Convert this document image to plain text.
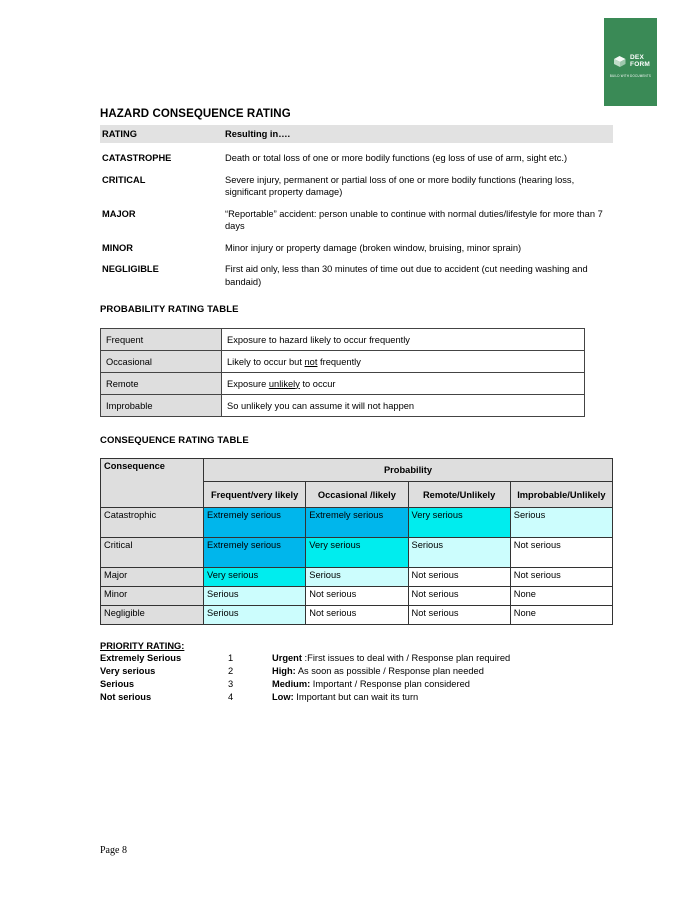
DEX
FORM
BUILD WITH DOCUMENTS
HAZARD CONSEQUENCE RATING
RATING	Resulting in….
CATASTROPHE	Death or total loss of one or more bodily functions (eg loss of use of arm, sight etc.)
CRITICAL	Severe injury, permanent or partial loss of one or more bodily functions (hearing loss, significant property damage)
MAJOR	“Reportable” accident: person unable to continue with normal duties/lifestyle for more than 7 days
MINOR	Minor injury or property damage (broken window, bruising, minor sprain)
NEGLIGIBLE	First aid only, less than 30 minutes of time out due to accident (cut needing washing and bandaid)
PROBABILITY RATING TABLE
Frequent	Exposure to hazard likely to occur frequently
Occasional	Likely to occur but not frequently
Remote	Exposure unlikely to occur
Improbable	So unlikely you can assume it will not happen
CONSEQUENCE RATING TABLE
Consequence	Probability			
	Frequent/very likely	Occasional /likely	Remote/Unlikely	Improbable/Unlikely
Catastrophic	Extremely serious	Extremely serious	Very serious	Serious
Critical	Extremely serious	Very serious	Serious	Not serious
Major	Very serious	Serious	Not serious	Not serious
Minor	Serious	Not serious	Not serious	None
Negligible	Serious	Not serious	Not serious	None
PRIORITY RATING:
Extremely Serious	1	Urgent :First issues to deal with / Response plan required
Very serious	2	High: As soon as possible / Response plan needed
Serious	3	Medium: Important / Response plan considered
Not serious	4	Low: Important but can wait its turn
Page 8
